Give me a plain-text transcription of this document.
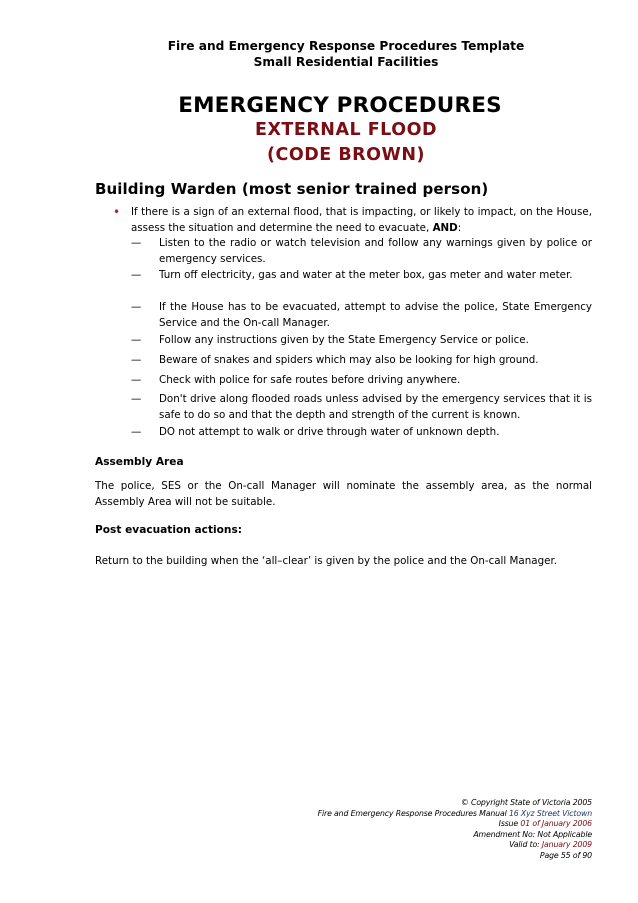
Fire and Emergency Response Procedures Template
Small Residential Facilities
EMERGENCY PROCEDURES
EXTERNAL FLOOD
(CODE BROWN)
Building Warden (most senior trained person)
• If there is a sign of an external flood, that is impacting, or likely to impact, on the House, assess the situation and determine the need to evacuate, AND:
— Listen to the radio or watch television and follow any warnings given by police or emergency services.
— Turn off electricity, gas and water at the meter box, gas meter and water meter.
— If the House has to be evacuated, attempt to advise the police, State Emergency Service and the On-call Manager.
— Follow any instructions given by the State Emergency Service or police.
— Beware of snakes and spiders which may also be looking for high ground.
— Check with police for safe routes before driving anywhere.
— Don't drive along flooded roads unless advised by the emergency services that it is safe to do so and that the depth and strength of the current is known.
— DO not attempt to walk or drive through water of unknown depth.
Assembly Area
The police, SES or the On-call Manager will nominate the assembly area, as the normal Assembly Area will not be suitable.
Post evacuation actions:
Return to the building when the ‘all–clear’ is given by the police and the On-call Manager.
© Copyright State of Victoria 2005
Fire and Emergency Response Procedures Manual 16 Xyz Street Victown
Issue 01 of January 2006
Amendment No: Not Applicable
Valid to: January 2009
Page 55 of 90
